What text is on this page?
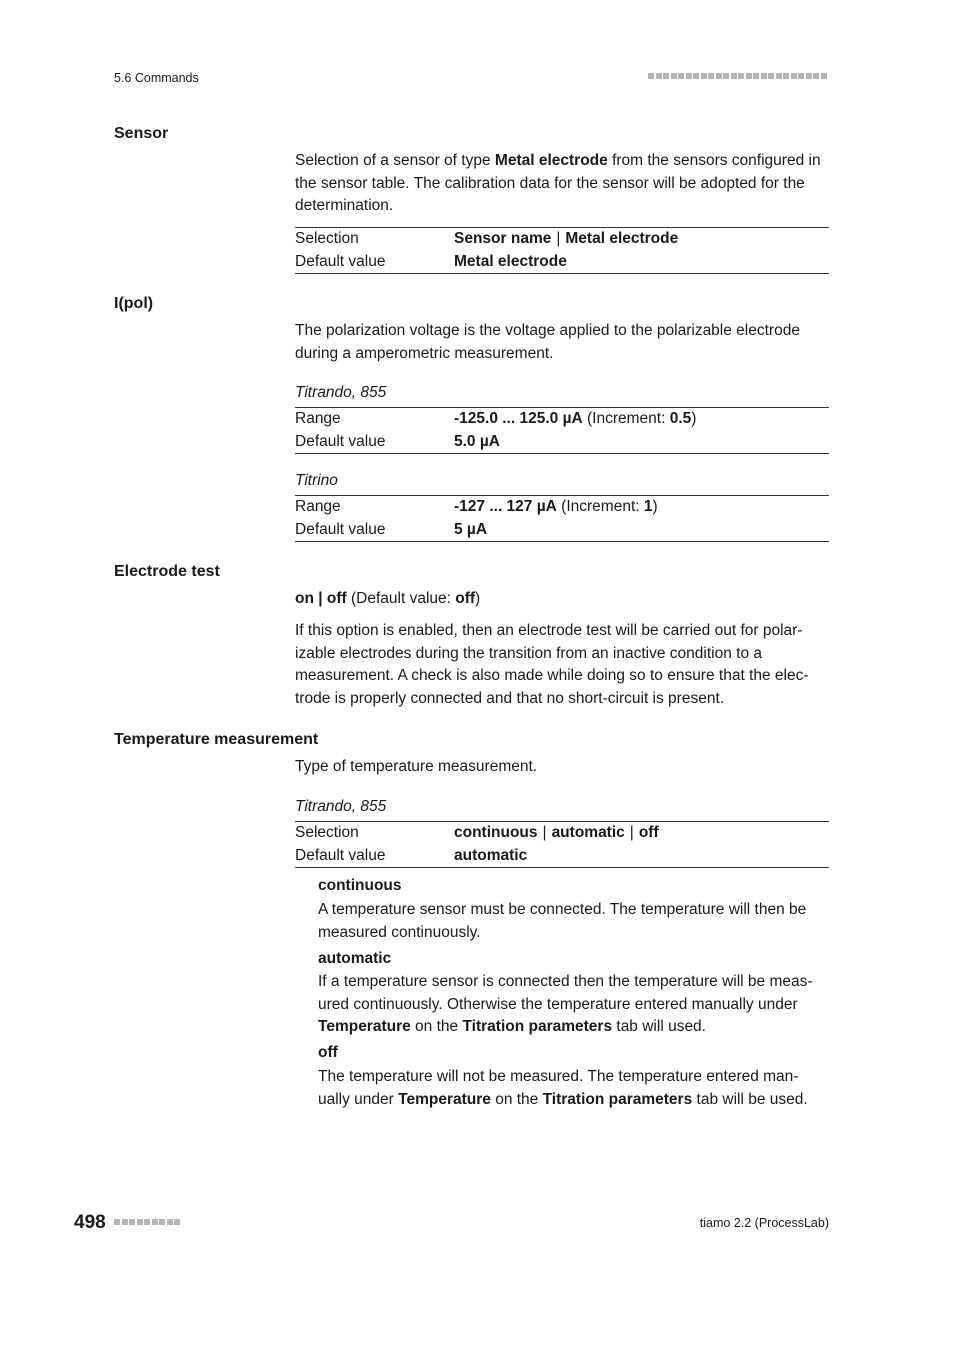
5.6 Commands
Sensor
Selection of a sensor of type Metal electrode from the sensors configured in the sensor table. The calibration data for the sensor will be adopted for the determination.
Selection	Sensor name | Metal electrode
Default value	Metal electrode
I(pol)
The polarization voltage is the voltage applied to the polarizable electrode during a amperometric measurement.
Titrando, 855
Range	-125.0 ... 125.0 µA (Increment: 0.5)
Default value	5.0 µA
Titrino
Range	-127 ... 127 µA (Increment: 1)
Default value	5 µA
Electrode test
on | off (Default value: off)
If this option is enabled, then an electrode test will be carried out for polar-izable electrodes during the transition from an inactive condition to a measurement. A check is also made while doing so to ensure that the elec-trode is properly connected and that no short-circuit is present.
Temperature measurement
Type of temperature measurement.
Titrando, 855
Selection	continuous | automatic | off
Default value	automatic
continuous
A temperature sensor must be connected. The temperature will then be measured continuously.
automatic
If a temperature sensor is connected then the temperature will be meas-ured continuously. Otherwise the temperature entered manually under Temperature on the Titration parameters tab will used.
off
The temperature will not be measured. The temperature entered man-ually under Temperature on the Titration parameters tab will be used.
498	tiamo 2.2 (ProcessLab)
